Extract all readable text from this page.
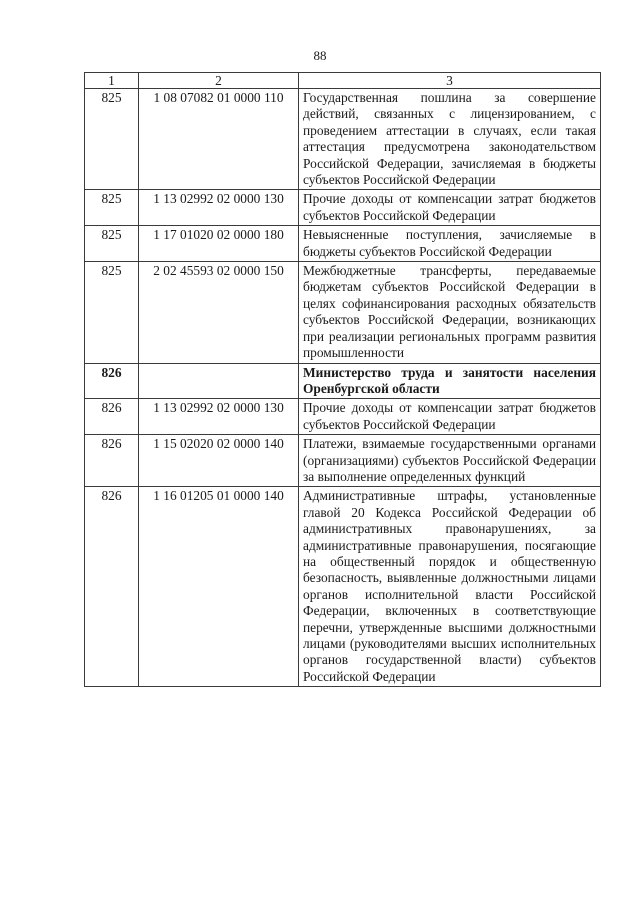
88
1	2	3
825	1 08 07082 01 0000 110	Государственная пошлина за совершение действий, связанных с лицензированием, с проведением аттестации в случаях, если такая аттестация предусмотрена законодательством Российской Федерации, зачисляемая в бюджеты субъектов Российской Федерации
825	1 13 02992 02 0000 130	Прочие доходы от компенсации затрат бюджетов субъектов Российской Федерации
825	1 17 01020 02 0000 180	Невыясненные поступления, зачисляемые в бюджеты субъектов Российской Федерации
825	2 02 45593 02 0000 150	Межбюджетные трансферты, передаваемые бюджетам субъектов Российской Федерации в целях софинансирования расходных обязательств субъектов Российской Федерации, возникающих при реализации региональных программ развития промышленности
826		Министерство труда и занятости населения Оренбургской области
826	1 13 02992 02 0000 130	Прочие доходы от компенсации затрат бюджетов субъектов Российской Федерации
826	1 15 02020 02 0000 140	Платежи, взимаемые государственными органами (организациями) субъектов Российской Федерации за выполнение определенных функций
826	1 16 01205 01 0000 140	Административные штрафы, установленные главой 20 Кодекса Российской Федерации об административных правонарушениях, за административные правонарушения, посягающие на общественный порядок и общественную безопасность, выявленные должностными лицами органов исполнительной власти Российской Федерации, включенных в соответствующие перечни, утвержденные высшими должностными лицами (руководителями высших исполнительных органов государственной власти) субъектов Российской Федерации
